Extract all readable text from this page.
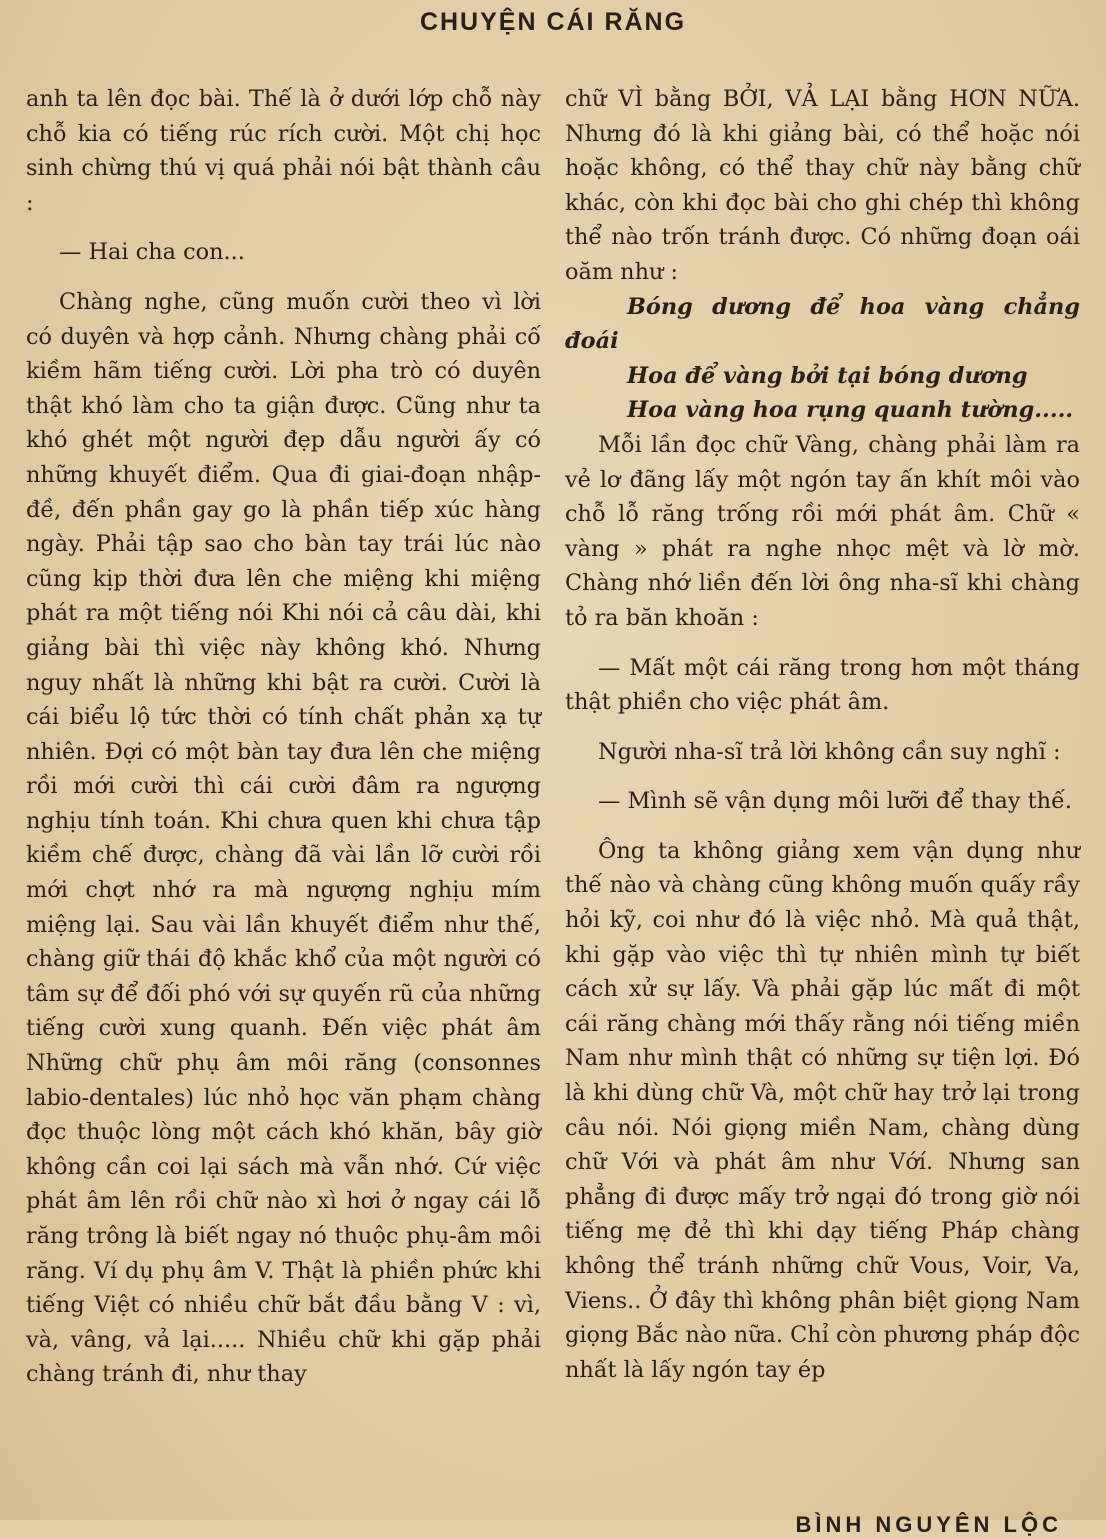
CHUYỆN CÁI RĂNG

anh ta lên đọc bài. Thế là ở dưới lớp chỗ này chỗ kia có tiếng rúc rích cười. Một chị học sinh chừng thú vị quá phải nói bật thành câu :

— Hai cha con...

Chàng nghe, cũng muốn cười theo vì lời có duyên và hợp cảnh. Nhưng chàng phải cố kiềm hãm tiếng cười. Lời pha trò có duyên thật khó làm cho ta giận được. Cũng như ta khó ghét một người đẹp dẫu người ấy có những khuyết điểm. Qua đi giai-đoạn nhập-đề, đến phần gay go là phần tiếp xúc hàng ngày. Phải tập sao cho bàn tay trái lúc nào cũng kịp thời đưa lên che miệng khi miệng phát ra một tiếng nói Khi nói cả câu dài, khi giảng bài thì việc này không khó. Nhưng nguy nhất là những khi bật ra cười. Cười là cái biểu lộ tức thời có tính chất phản xạ tự nhiên. Đợi có một bàn tay đưa lên che miệng rồi mới cười thì cái cười đâm ra ngượng nghịu tính toán. Khi chưa quen khi chưa tập kiềm chế được, chàng đã vài lần lỡ cười rồi mới chợt nhớ ra mà ngượng nghịu mím miệng lại. Sau vài lần khuyết điểm như thế, chàng giữ thái độ khắc khổ của một người có tâm sự để đối phó với sự quyến rũ của những tiếng cười xung quanh. Đến việc phát âm Những chữ phụ âm môi răng (consonnes labio-dentales) lúc nhỏ học văn phạm chàng đọc thuộc lòng một cách khó khăn, bây giờ không cần coi lại sách mà vẫn nhớ. Cứ việc phát âm lên rồi chữ nào xì hơi ở ngay cái lỗ răng trông là biết ngay nó thuộc phụ-âm môi răng. Ví dụ phụ âm V. Thật là phiền phức khi tiếng Việt có nhiều chữ bắt đầu bằng V : vì, và, vâng, vả lại..... Nhiều chữ khi gặp phải chàng tránh đi, như thay

chữ VÌ bằng BỞI, VẢ LẠI bằng HƠN NỮA. Nhưng đó là khi giảng bài, có thể hoặc nói hoặc không, có thể thay chữ này bằng chữ khác, còn khi đọc bài cho ghi chép thì không thể nào trốn tránh được. Có những đoạn oái oăm như :

Bóng dương để hoa vàng chẳng đoái

Hoa để vàng bởi tại bóng dương

Hoa vàng hoa rụng quanh tường.....

Mỗi lần đọc chữ Vàng, chàng phải làm ra vẻ lơ đãng lấy một ngón tay ấn khít môi vào chỗ lỗ răng trống rồi mới phát âm. Chữ « vàng » phát ra nghe nhọc mệt và lờ mờ. Chàng nhớ liền đến lời ông nha-sĩ khi chàng tỏ ra băn khoăn :

— Mất một cái răng trong hơn một tháng thật phiền cho việc phát âm.

Người nha-sĩ trả lời không cần suy nghĩ :

— Mình sẽ vận dụng môi lưỡi để thay thế.

Ông ta không giảng xem vận dụng như thế nào và chàng cũng không muốn quấy rầy hỏi kỹ, coi như đó là việc nhỏ. Mà quả thật, khi gặp vào việc thì tự nhiên mình tự biết cách xử sự lấy. Và phải gặp lúc mất đi một cái răng chàng mới thấy rằng nói tiếng miền Nam như mình thật có những sự tiện lợi. Đó là khi dùng chữ Và, một chữ hay trở lại trong câu nói. Nói giọng miền Nam, chàng dùng chữ Với và phát âm như Vớí. Nhưng san phẳng đi được mấy trở ngại đó trong giờ nói tiếng mẹ đẻ thì khi dạy tiếng Pháp chàng không thể tránh những chữ Vous, Voir, Va, Viens.. Ở đây thì không phân biệt giọng Nam giọng Bắc nào nữa. Chỉ còn phương pháp độc nhất là lấy ngón tay ép

BÌNH NGUYÊN LỘC
